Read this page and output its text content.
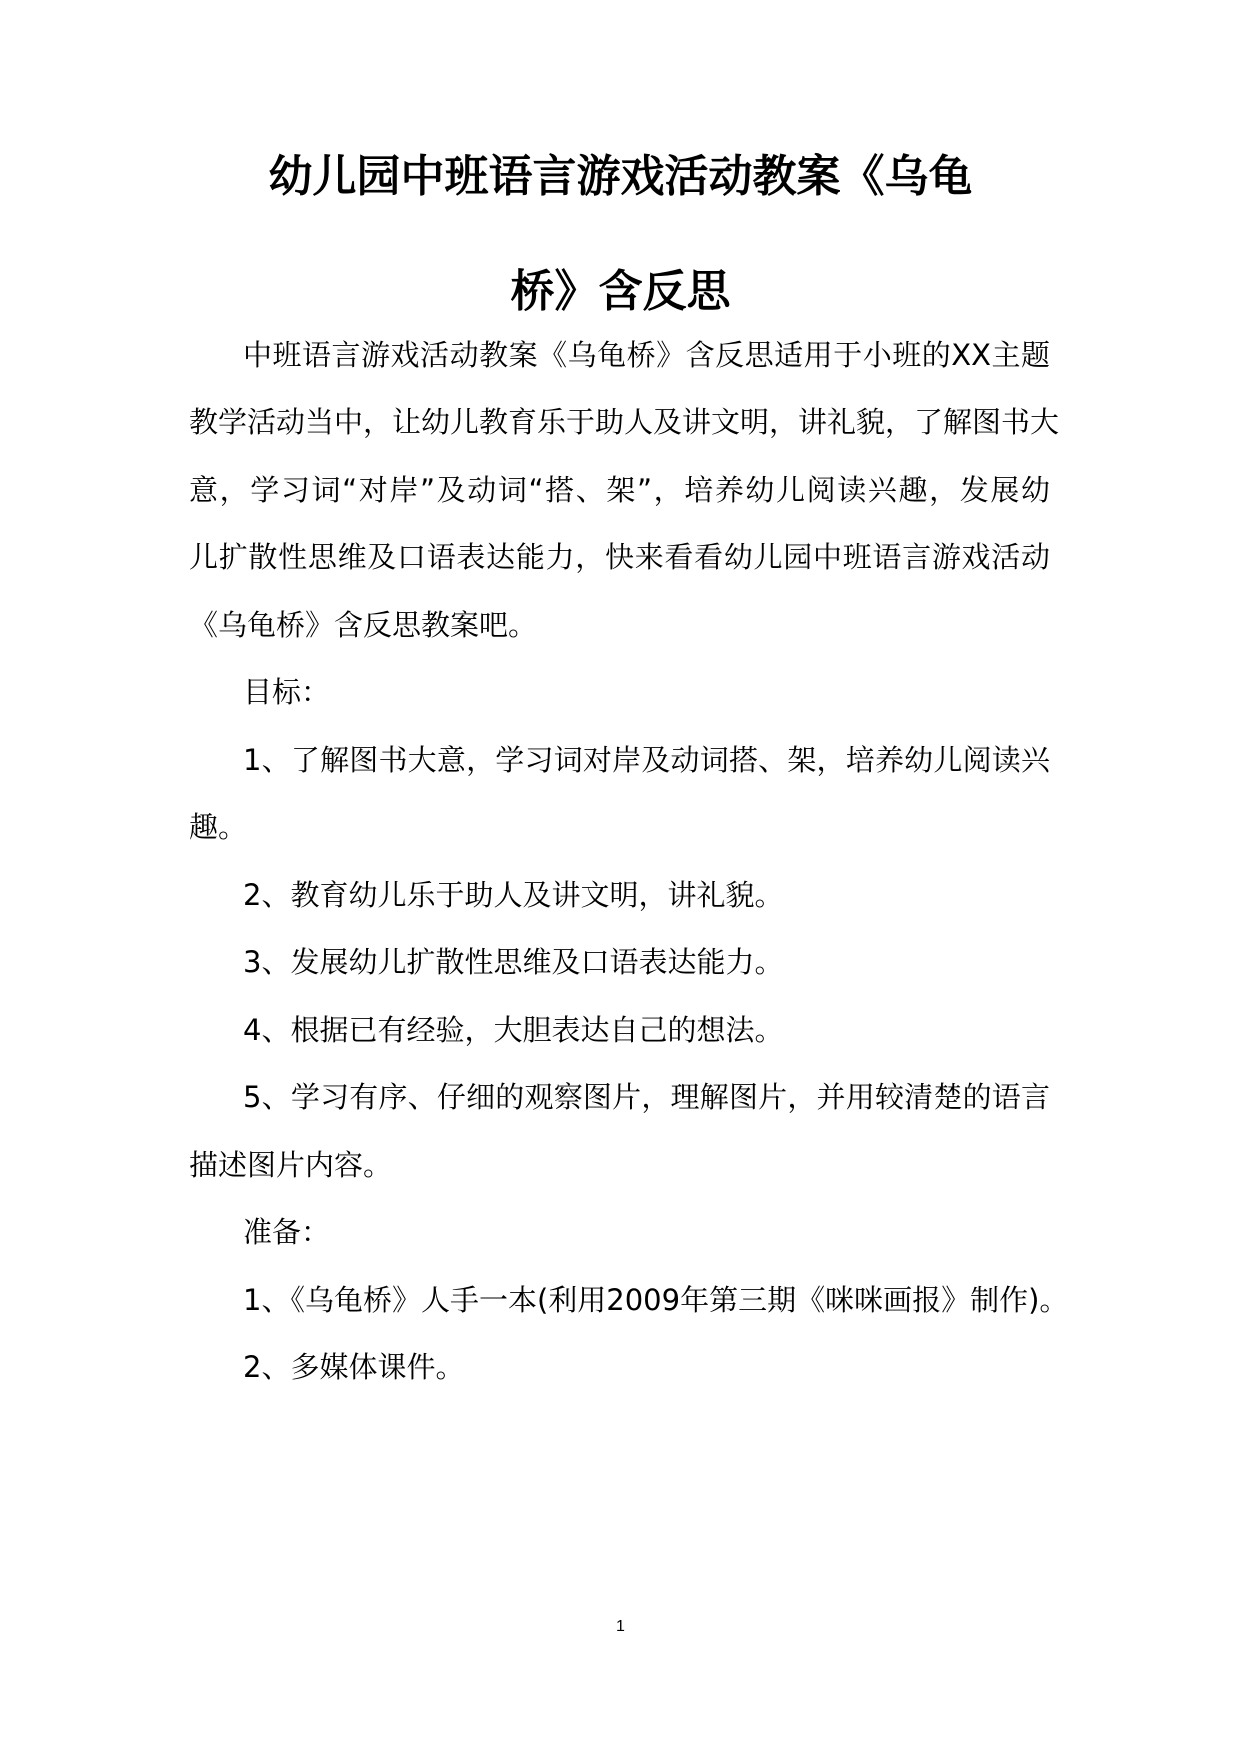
幼儿园中班语言游戏活动教案《乌龟
桥》含反思
中班语言游戏活动教案《乌龟桥》含反思适用于小班的XX主题
教学活动当中，让幼儿教育乐于助人及讲文明，讲礼貌，了解图书大
意，学习词“对岸”及动词“搭、架”，培养幼儿阅读兴趣，发展幼
儿扩散性思维及口语表达能力，快来看看幼儿园中班语言游戏活动
《乌龟桥》含反思教案吧。
目标：
1、了解图书大意，学习词对岸及动词搭、架，培养幼儿阅读兴
趣。
2、教育幼儿乐于助人及讲文明，讲礼貌。
3、发展幼儿扩散性思维及口语表达能力。
4、根据已有经验，大胆表达自己的想法。
5、学习有序、仔细的观察图片，理解图片，并用较清楚的语言
描述图片内容。
准备：
1、《乌龟桥》人手一本(利用2009年第三期《咪咪画报》制作)。
2、多媒体课件。
1
